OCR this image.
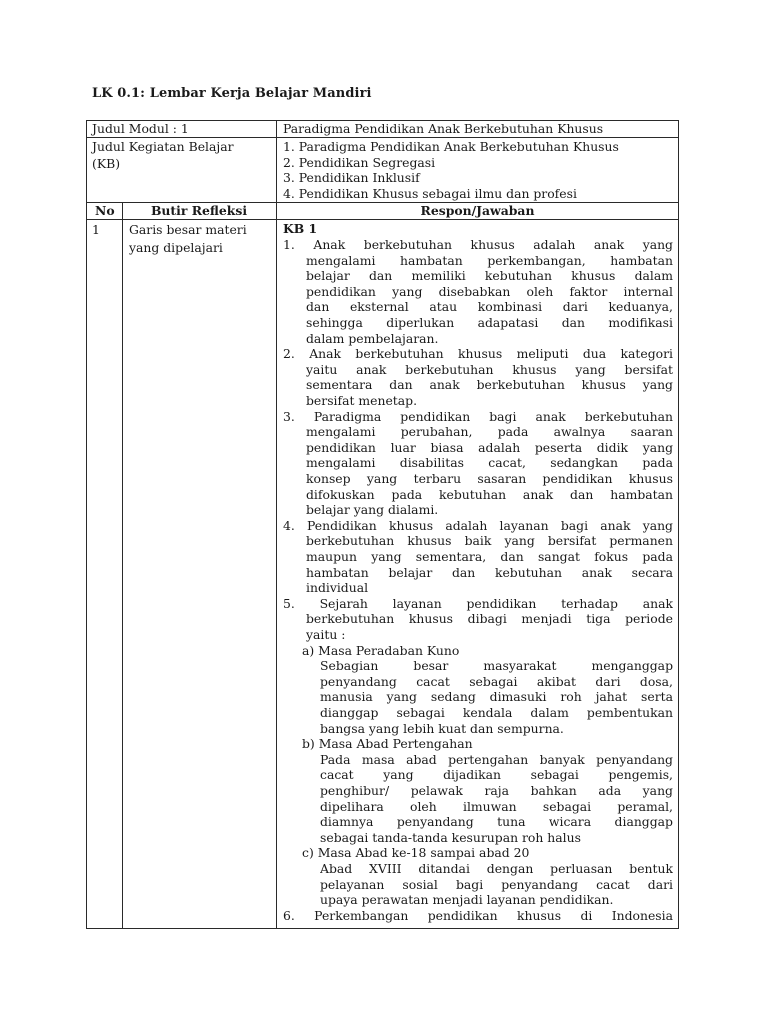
LK 0.1: Lembar Kerja Belajar Mandiri
Judul Modul : 1	Paradigma Pendidikan Anak Berkebutuhan Khusus
Judul Kegiatan Belajar
(KB)
1. Paradigma Pendidikan Anak Berkebutuhan Khusus
2. Pendidikan Segregasi
3. Pendidikan Inklusif
4. Pendidikan Khusus sebagai ilmu dan profesi
No	Butir Refleksi	Respon/Jawaban
1 Garis besar materi
yang dipelajari
KB 1
1. Anak berkebutuhan khusus adalah anak yang
mengalami hambatan perkembangan, hambatan
belajar dan memiliki kebutuhan khusus dalam
pendidikan yang disebabkan oleh faktor internal
dan eksternal atau kombinasi dari keduanya,
sehingga diperlukan adapatasi dan modifikasi
dalam pembelajaran.
2. Anak berkebutuhan khusus meliputi dua kategori
yaitu anak berkebutuhan khusus yang bersifat
sementara dan anak berkebutuhan khusus yang
bersifat menetap.
3. Paradigma pendidikan bagi anak berkebutuhan
mengalami perubahan, pada awalnya saaran
pendidikan luar biasa adalah peserta didik yang
mengalami disabilitas cacat, sedangkan pada
konsep yang terbaru sasaran pendidikan khusus
difokuskan pada kebutuhan anak dan hambatan
belajar yang dialami.
4. Pendidikan khusus adalah layanan bagi anak yang
berkebutuhan khusus baik yang bersifat permanen
maupun yang sementara, dan sangat fokus pada
hambatan belajar dan kebutuhan anak secara
individual
5. Sejarah layanan pendidikan terhadap anak
berkebutuhan khusus dibagi menjadi tiga periode
yaitu :
a) Masa Peradaban Kuno
Sebagian besar masyarakat menganggap
penyandang cacat sebagai akibat dari dosa,
manusia yang sedang dimasuki roh jahat serta
dianggap sebagai kendala dalam pembentukan
bangsa yang lebih kuat dan sempurna.
b) Masa Abad Pertengahan
Pada masa abad pertengahan banyak penyandang
cacat yang dijadikan sebagai pengemis,
penghibur/ pelawak raja bahkan ada yang
dipelihara oleh ilmuwan sebagai peramal,
diamnya penyandang tuna wicara dianggap
sebagai tanda-tanda kesurupan roh halus
c) Masa Abad ke-18 sampai abad 20
Abad XVIII ditandai dengan perluasan bentuk
pelayanan sosial bagi penyandang cacat dari
upaya perawatan menjadi layanan pendidikan.
6. Perkembangan pendidikan khusus di Indonesia
